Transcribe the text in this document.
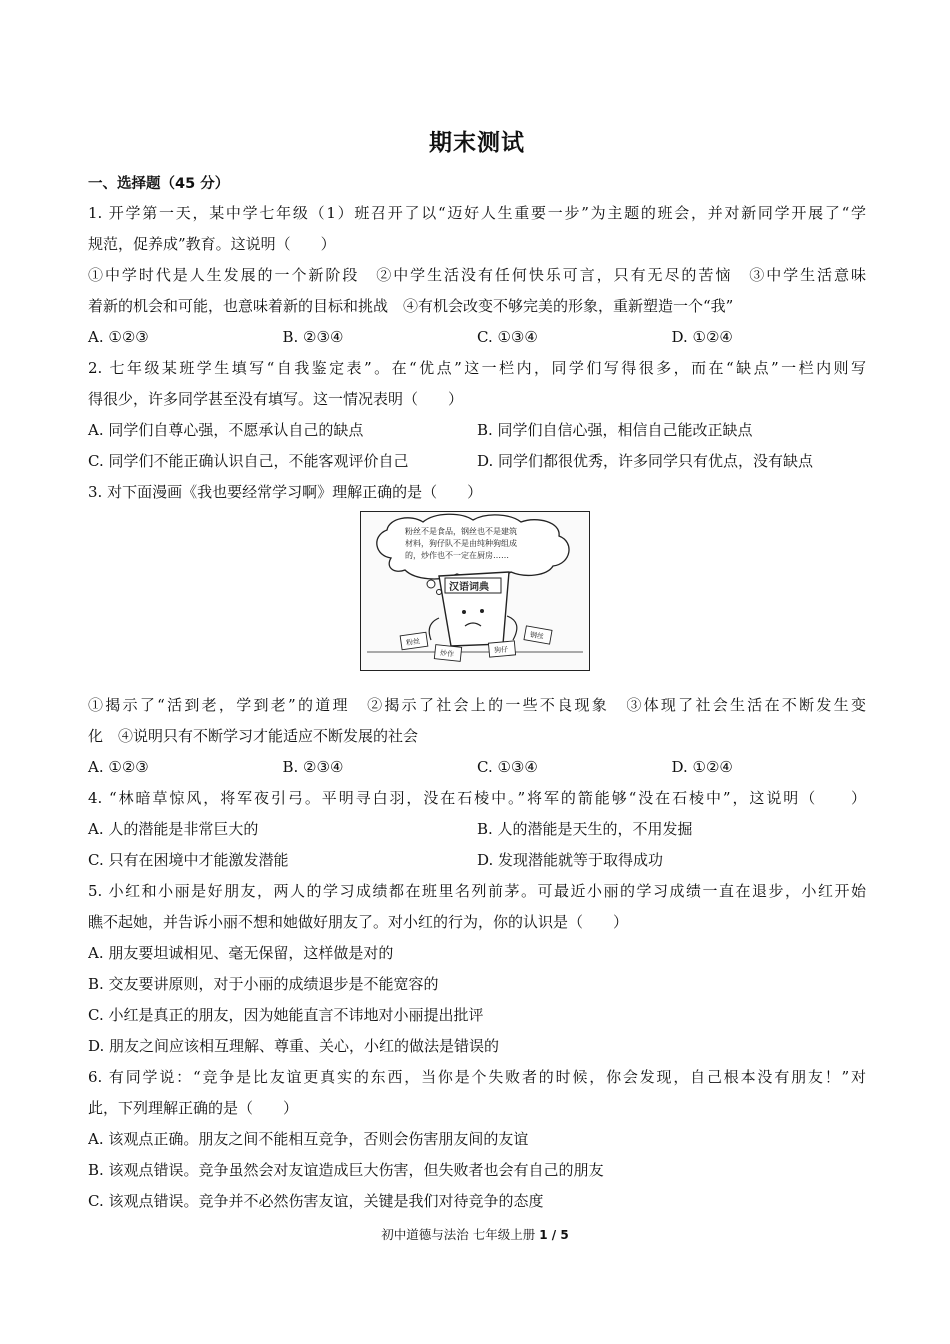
期末测试
一、选择题（45 分）
1. 开学第一天，某中学七年级（1）班召开了以“迈好人生重要一步”为主题的班会，并对新同学开展了“学
规范，促养成”教育。这说明（　　）
①中学时代是人生发展的一个新阶段　②中学生活没有任何快乐可言，只有无尽的苦恼　③中学生活意味
着新的机会和可能，也意味着新的目标和挑战　④有机会改变不够完美的形象，重新塑造一个“我”
A. ①②③	B. ②③④	C. ①③④	D. ①②④
2. 七年级某班学生填写“自我鉴定表”。在“优点”这一栏内，同学们写得很多，而在“缺点”一栏内则写
得很少，许多同学甚至没有填写。这一情况表明（　　）
A. 同学们自尊心强，不愿承认自己的缺点	B. 同学们自信心强，相信自己能改正缺点
C. 同学们不能正确认识自己，不能客观评价自己	D. 同学们都很优秀，许多同学只有优点，没有缺点
3. 对下面漫画《我也要经常学习啊》理解正确的是（　　）
粉丝不是食品，钢丝也不是建筑
材料，狗仔队不是由纯种狗组成
的，炒作也不一定在厨房……
汉语词典
粉丝
炒作	狗仔
钢丝
①揭示了“活到老，学到老”的道理　②揭示了社会上的一些不良现象　③体现了社会生活在不断发生变
化　④说明只有不断学习才能适应不断发展的社会
A. ①②③	B. ②③④	C. ①③④	D. ①②④
4. “林暗草惊风，将军夜引弓。平明寻白羽，没在石棱中。”将军的箭能够“没在石棱中”，这说明（　　）
A. 人的潜能是非常巨大的	B. 人的潜能是天生的，不用发掘
C. 只有在困境中才能激发潜能	D. 发现潜能就等于取得成功
5. 小红和小丽是好朋友，两人的学习成绩都在班里名列前茅。可最近小丽的学习成绩一直在退步，小红开始
瞧不起她，并告诉小丽不想和她做好朋友了。对小红的行为，你的认识是（　　）
A. 朋友要坦诚相见、毫无保留，这样做是对的
B. 交友要讲原则，对于小丽的成绩退步是不能宽容的
C. 小红是真正的朋友，因为她能直言不讳地对小丽提出批评
D. 朋友之间应该相互理解、尊重、关心，小红的做法是错误的
6. 有同学说：“竞争是比友谊更真实的东西，当你是个失败者的时候，你会发现，自己根本没有朋友！”对
此，下列理解正确的是（　　）
A. 该观点正确。朋友之间不能相互竞争，否则会伤害朋友间的友谊
B. 该观点错误。竞争虽然会对友谊造成巨大伤害，但失败者也会有自己的朋友
C. 该观点错误。竞争并不必然伤害友谊，关键是我们对待竞争的态度
初中道德与法治 七年级上册 1 / 5
